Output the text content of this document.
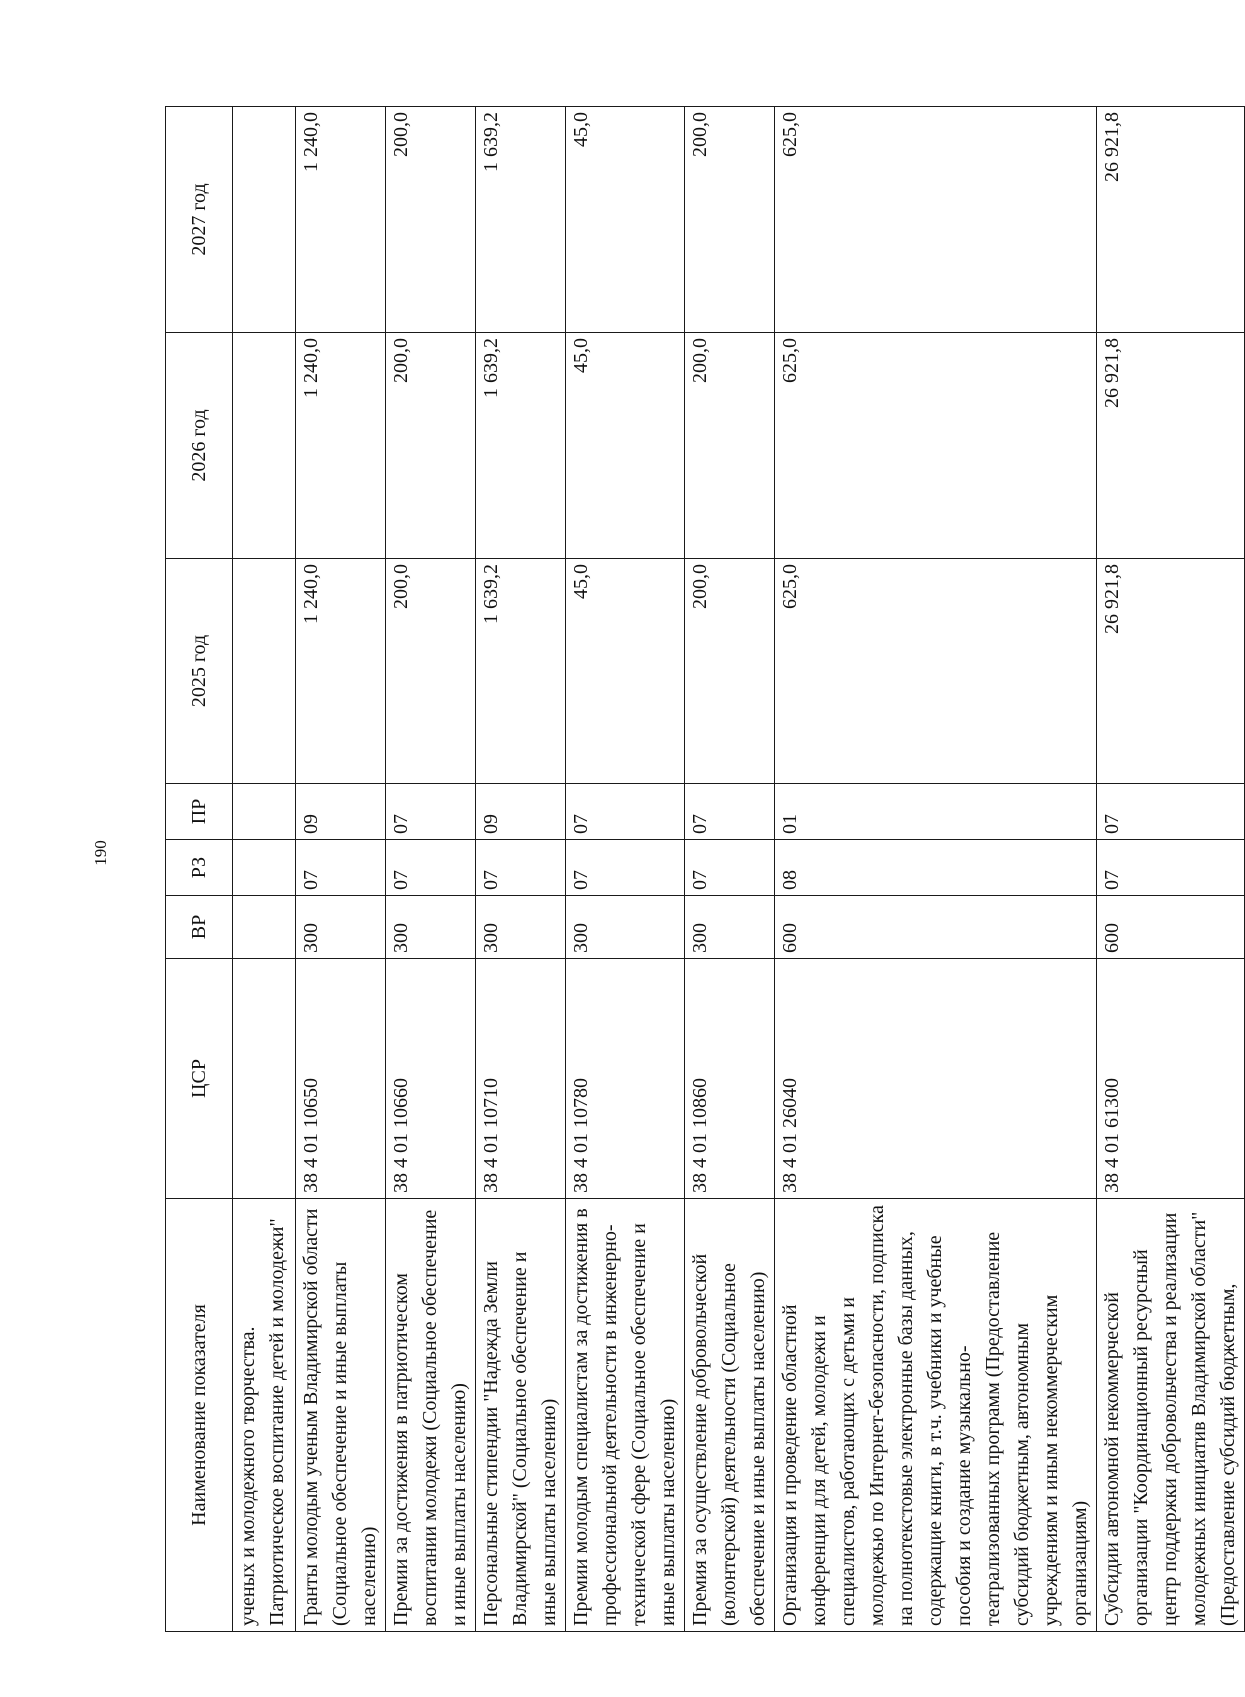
190
Наименование показателя	ЦСР	ВР	РЗ	ПР	2025 год	2026 год	2027 год
ученых и молодежного творчества. Патриотическое воспитание детей и молодежи"							
Гранты молодым ученым Владимирской области (Социальное обеспечение и иные выплаты населению)	38 4 01 10650	300	07	09	1 240,0	1 240,0	1 240,0
Премии за достижения в патриотическом воспитании молодежи (Социальное обеспечение и иные выплаты населению)	38 4 01 10660	300	07	07	200,0	200,0	200,0
Персональные стипендии "Надежда Земли Владимирской" (Социальное обеспечение и иные выплаты населению)	38 4 01 10710	300	07	09	1 639,2	1 639,2	1 639,2
Премии молодым специалистам за достижения в профессиональной деятельности в инженерно-технической сфере (Социальное обеспечение и иные выплаты населению)	38 4 01 10780	300	07	07	45,0	45,0	45,0
Премия за осуществление добровольческой (волонтерской) деятельности (Социальное обеспечение и иные выплаты населению)	38 4 01 10860	300	07	07	200,0	200,0	200,0
Организация и проведение областной конференции для детей, молодежи и специалистов, работающих с детьми и молодежью по Интернет-безопасности, подписка на полнотекстовые электронные базы данных, содержащие книги, в т.ч. учебники и учебные пособия и создание музыкально-театрализованных программ (Предоставление субсидий бюджетным, автономным учреждениям и иным некоммерческим организациям)	38 4 01 26040	600	08	01	625,0	625,0	625,0
Субсидии автономной некоммерческой организации "Координационный ресурсный центр поддержки добровольчества и реализации молодежных инициатив Владимирской области" (Предоставление субсидий бюджетным,	38 4 01 61300	600	07	07	26 921,8	26 921,8	26 921,8
